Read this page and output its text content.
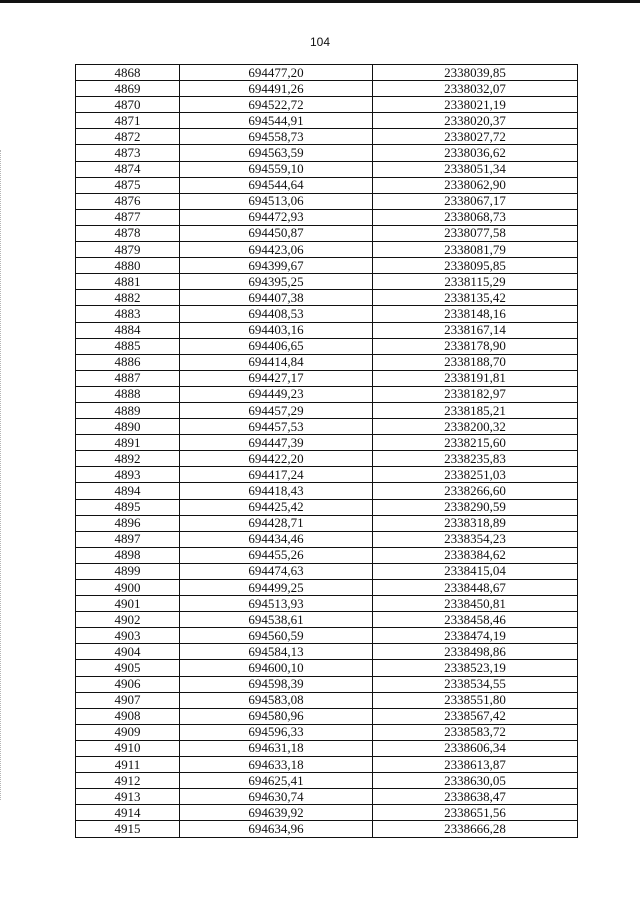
104
4868	694477,20	2338039,85
4869	694491,26	2338032,07
4870	694522,72	2338021,19
4871	694544,91	2338020,37
4872	694558,73	2338027,72
4873	694563,59	2338036,62
4874	694559,10	2338051,34
4875	694544,64	2338062,90
4876	694513,06	2338067,17
4877	694472,93	2338068,73
4878	694450,87	2338077,58
4879	694423,06	2338081,79
4880	694399,67	2338095,85
4881	694395,25	2338115,29
4882	694407,38	2338135,42
4883	694408,53	2338148,16
4884	694403,16	2338167,14
4885	694406,65	2338178,90
4886	694414,84	2338188,70
4887	694427,17	2338191,81
4888	694449,23	2338182,97
4889	694457,29	2338185,21
4890	694457,53	2338200,32
4891	694447,39	2338215,60
4892	694422,20	2338235,83
4893	694417,24	2338251,03
4894	694418,43	2338266,60
4895	694425,42	2338290,59
4896	694428,71	2338318,89
4897	694434,46	2338354,23
4898	694455,26	2338384,62
4899	694474,63	2338415,04
4900	694499,25	2338448,67
4901	694513,93	2338450,81
4902	694538,61	2338458,46
4903	694560,59	2338474,19
4904	694584,13	2338498,86
4905	694600,10	2338523,19
4906	694598,39	2338534,55
4907	694583,08	2338551,80
4908	694580,96	2338567,42
4909	694596,33	2338583,72
4910	694631,18	2338606,34
4911	694633,18	2338613,87
4912	694625,41	2338630,05
4913	694630,74	2338638,47
4914	694639,92	2338651,56
4915	694634,96	2338666,28
